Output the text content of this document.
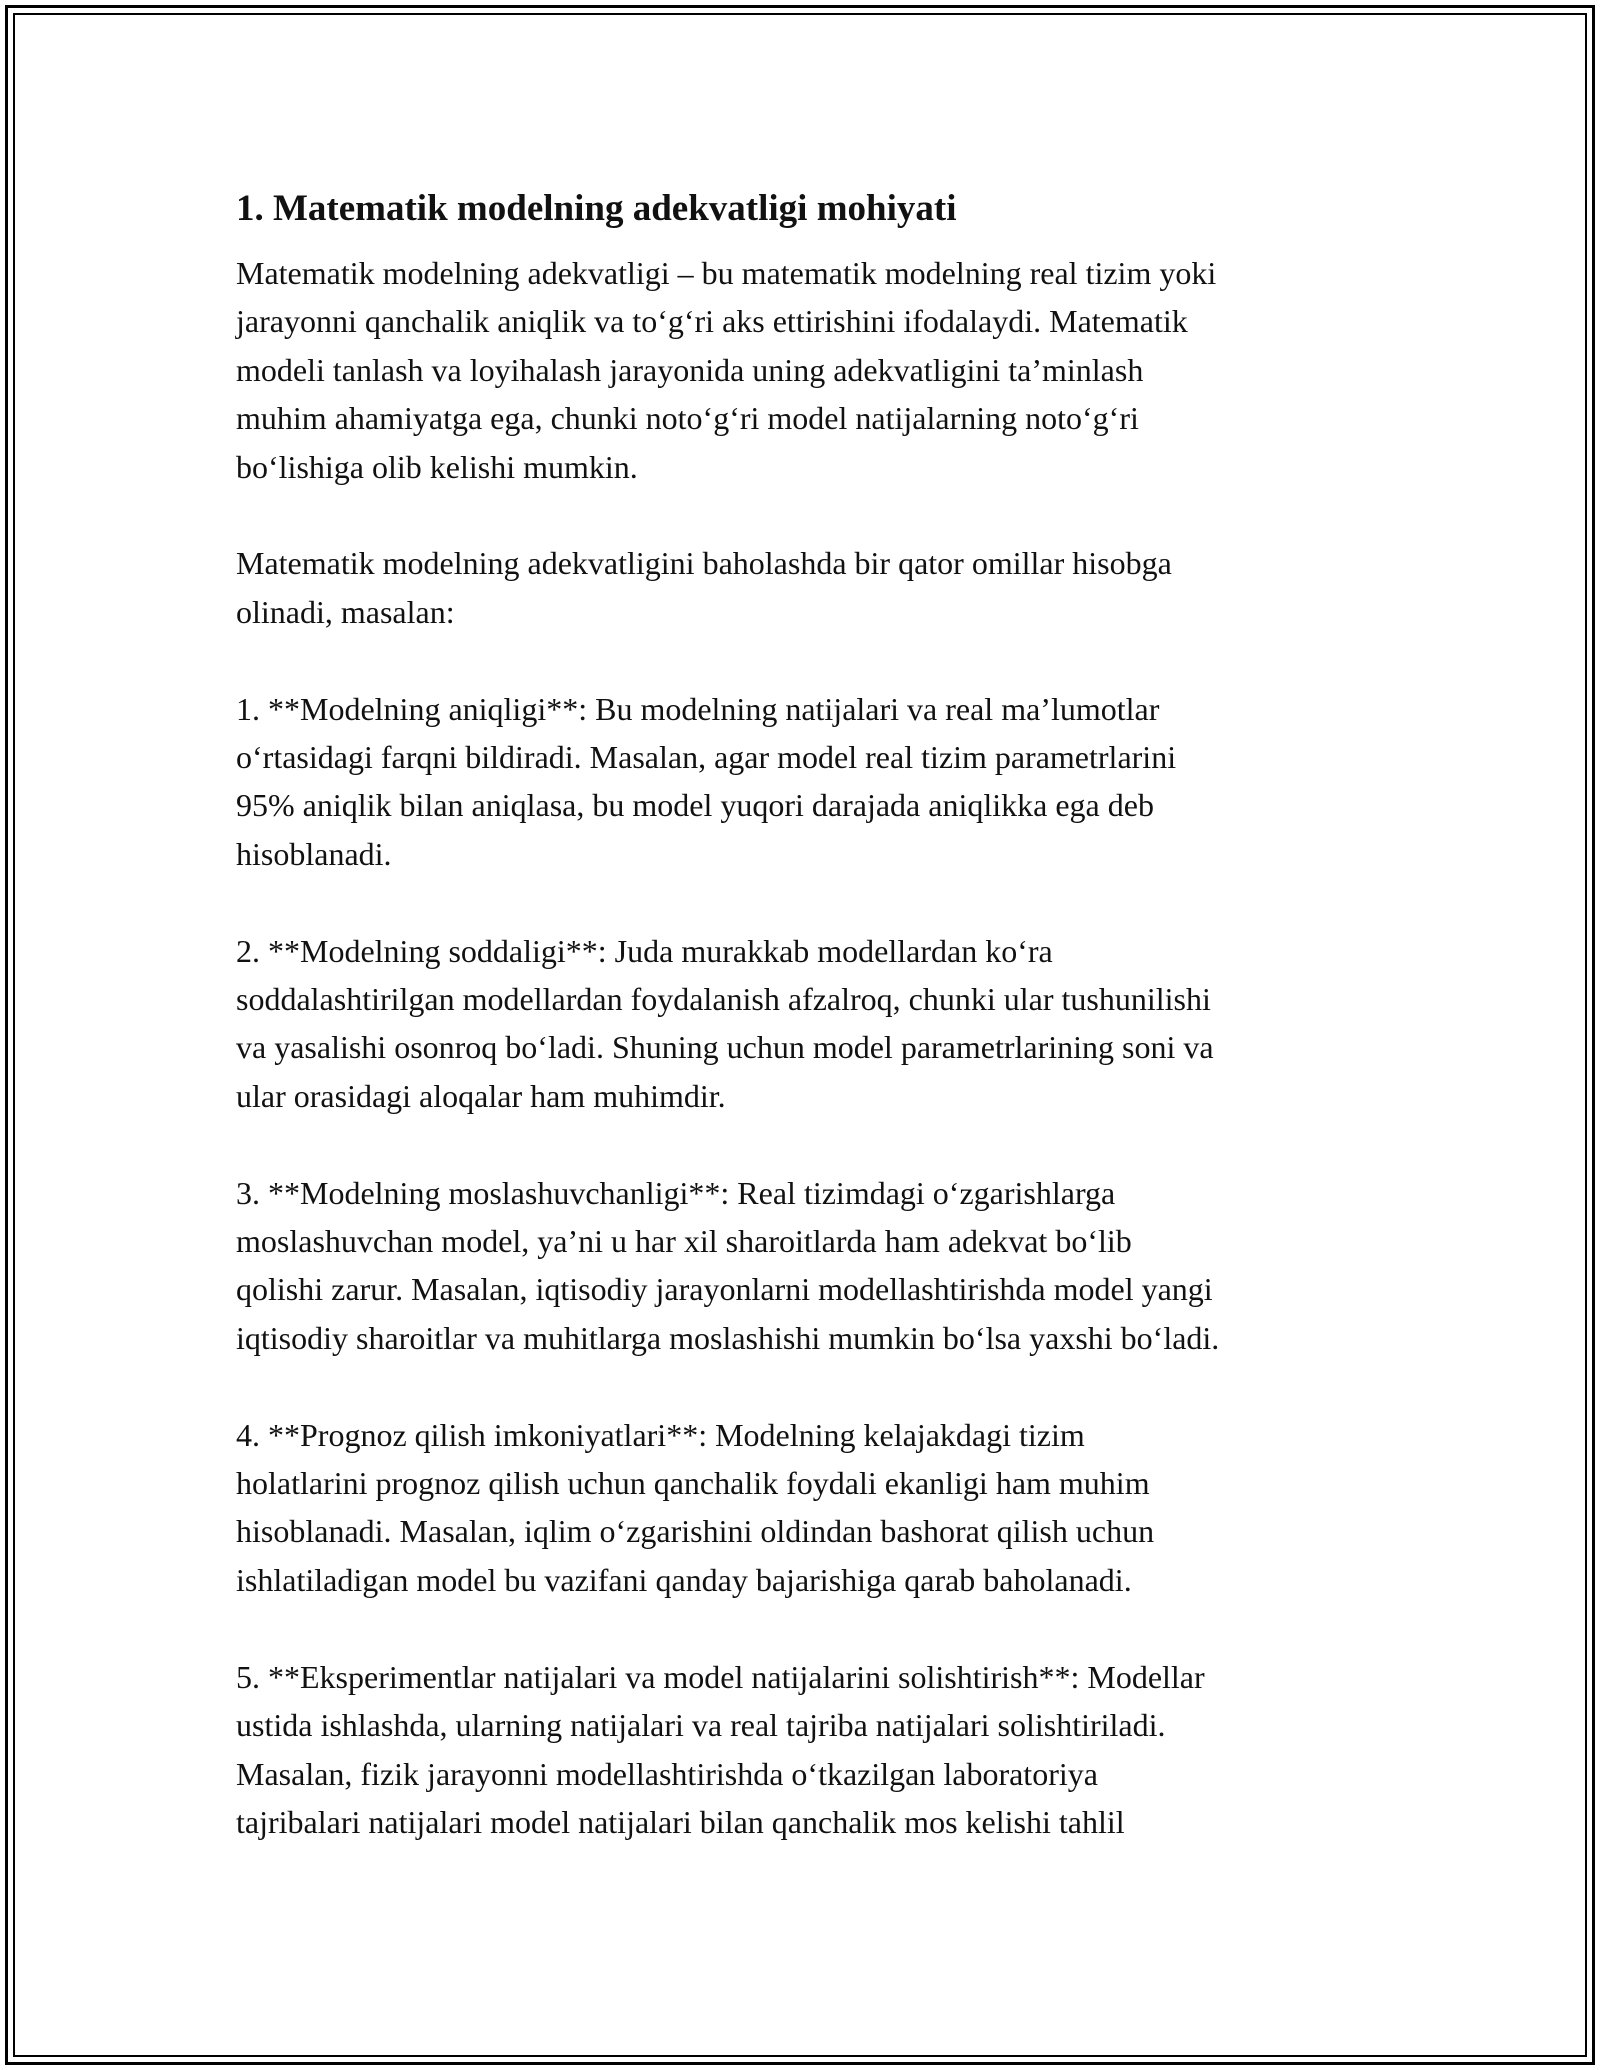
1. Matematik modelning adekvatligi mohiyati
Matematik modelning adekvatligi – bu matematik modelning real tizim yoki
jarayonni qanchalik aniqlik va to‘g‘ri aks ettirishini ifodalaydi. Matematik
modeli tanlash va loyihalash jarayonida uning adekvatligini ta’minlash
muhim ahamiyatga ega, chunki noto‘g‘ri model natijalarning noto‘g‘ri
bo‘lishiga olib kelishi mumkin.
Matematik modelning adekvatligini baholashda bir qator omillar hisobga
olinadi, masalan:
1. **Modelning aniqligi**: Bu modelning natijalari va real ma’lumotlar
o‘rtasidagi farqni bildiradi. Masalan, agar model real tizim parametrlarini
95% aniqlik bilan aniqlasa, bu model yuqori darajada aniqlikka ega deb
hisoblanadi.
2. **Modelning soddaligi**: Juda murakkab modellardan ko‘ra
soddalashtirilgan modellardan foydalanish afzalroq, chunki ular tushunilishi
va yasalishi osonroq bo‘ladi. Shuning uchun model parametrlarining soni va
ular orasidagi aloqalar ham muhimdir.
3. **Modelning moslashuvchanligi**: Real tizimdagi o‘zgarishlarga
moslashuvchan model, ya’ni u har xil sharoitlarda ham adekvat bo‘lib
qolishi zarur. Masalan, iqtisodiy jarayonlarni modellashtirishda model yangi
iqtisodiy sharoitlar va muhitlarga moslashishi mumkin bo‘lsa yaxshi bo‘ladi.
4. **Prognoz qilish imkoniyatlari**: Modelning kelajakdagi tizim
holatlarini prognoz qilish uchun qanchalik foydali ekanligi ham muhim
hisoblanadi. Masalan, iqlim o‘zgarishini oldindan bashorat qilish uchun
ishlatiladigan model bu vazifani qanday bajarishiga qarab baholanadi.
5. **Eksperimentlar natijalari va model natijalarini solishtirish**: Modellar
ustida ishlashda, ularning natijalari va real tajriba natijalari solishtiriladi.
Masalan, fizik jarayonni modellashtirishda o‘tkazilgan laboratoriya
tajribalari natijalari model natijalari bilan qanchalik mos kelishi tahlil
